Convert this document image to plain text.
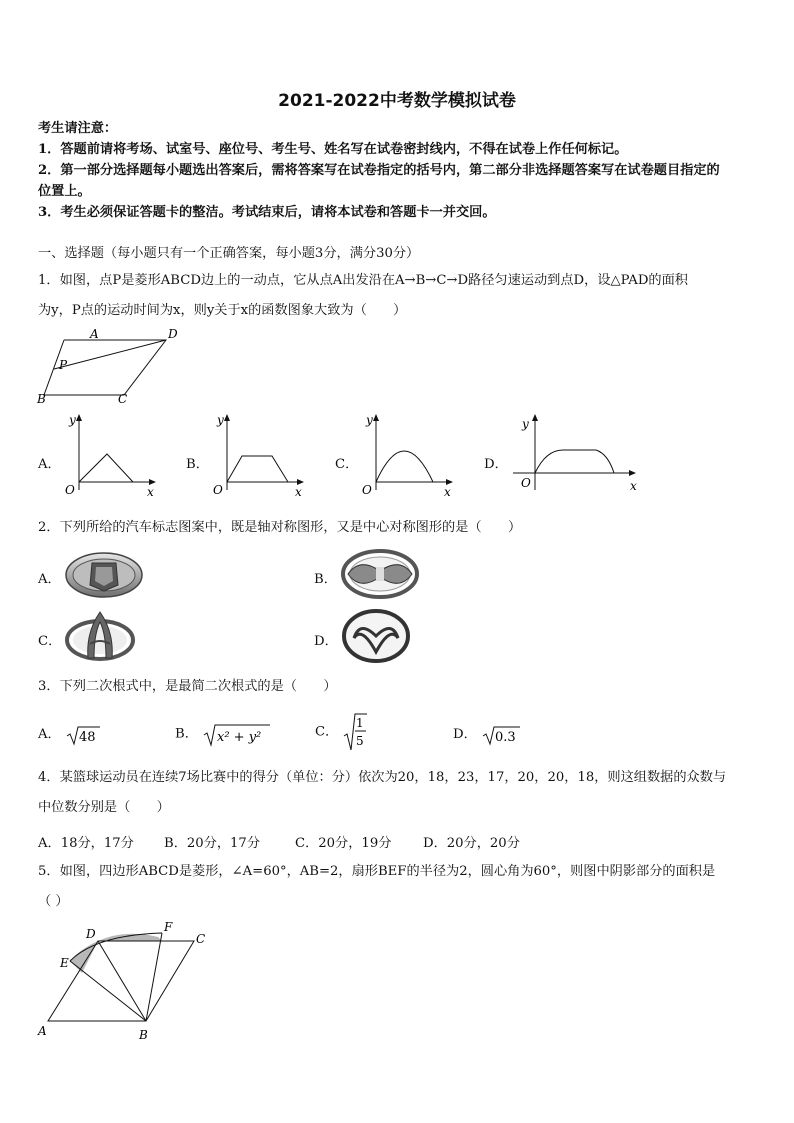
2021-2022中考数学模拟试卷
考生请注意：
1．答题前请将考场、试室号、座位号、考生号、姓名写在试卷密封线内，不得在试卷上作任何标记。
2．第一部分选择题每小题选出答案后，需将答案写在试卷指定的括号内，第二部分非选择题答案写在试卷题目指定的
位置上。
3．考生必须保证答题卡的整洁。考试结束后，请将本试卷和答题卡一并交回。
一、选择题（每小题只有一个正确答案，每小题3分，满分30分）
1．如图，点P是菱形ABCD边上的一动点，它从点A出发沿在A→B→C→D路径匀速运动到点D，设△PAD的面积
为y，P点的运动时间为x，则y关于x的函数图象大致为（　　）
A	D
P
B	C
A．
y
x
O
B．
y
x
O
C．
y
x
O
D．
y
x
O
2．下列所给的汽车标志图案中，既是轴对称图形，又是中心对称图形的是（　　）
A．	B．
C．	D．
3．下列二次根式中，是最简二次根式的是（　　）
A． 48	B． x² + y²	C．
1
5	D． 0.3
4．某篮球运动员在连续7场比赛中的得分（单位：分）依次为20，18，23，17，20，20，18，则这组数据的众数与
中位数分别是（　　）
A．18分，17分 B．20分，17分	C．20分，19分 D．20分，20分
5．如图，四边形ABCD是菱形，∠A=60°，AB=2，扇形BEF的半径为2，圆心角为60°，则图中阴影部分的面积是
（ ）
D	F
C
E
A	B
